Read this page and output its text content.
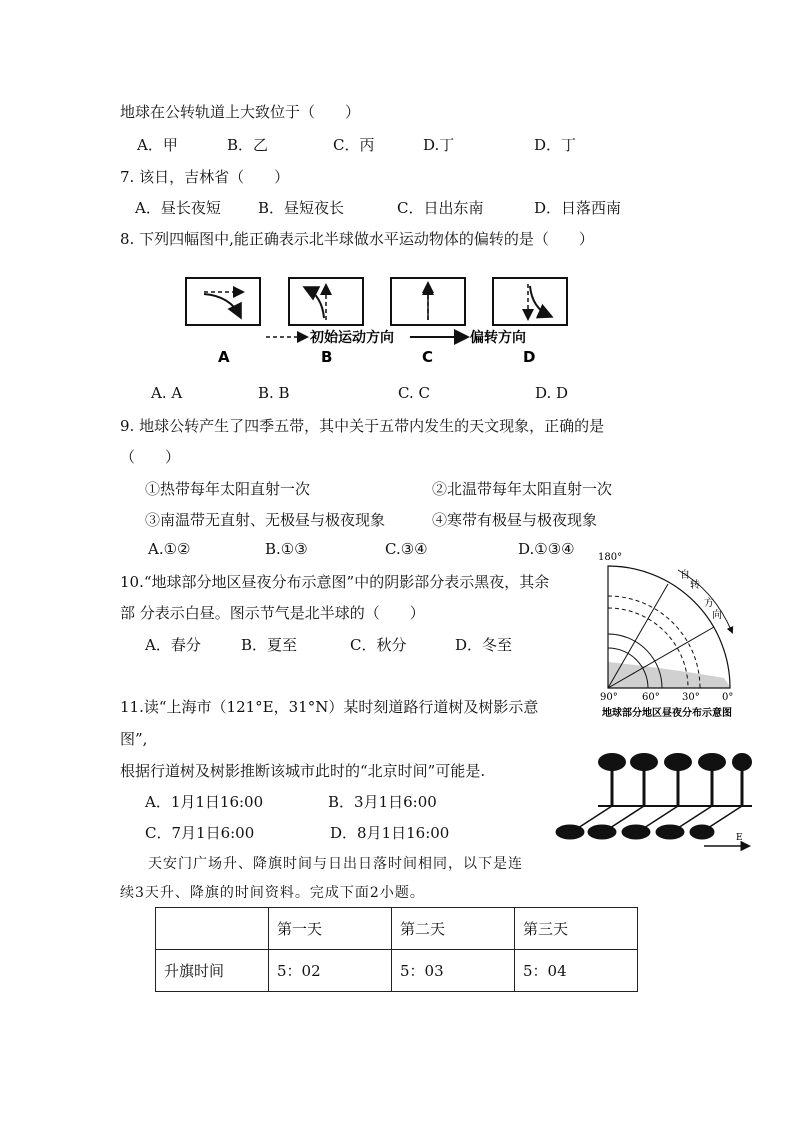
地球在公转轨道上大致位于（　　）
A．甲	B．乙	C．丙	D.丁	D．丁
7. 该日，吉林省（　　）
A．昼长夜短 B．昼短夜长	C．日出东南	D．日落西南
8. 下列四幅图中,能正确表示北半球做水平运动物体的偏转的是（　　）
初始运动方向	偏转方向
A	B	C	D
A. A	B. B	C. C	D. D
9. 地球公转产生了四季五带，其中关于五带内发生的天文现象，正确的是
（　　）
①热带每年太阳直射一次	②北温带每年太阳直射一次
③南温带无直射、无极昼与极夜现象	④寒带有极昼与极夜现象
A.①②	B.①③	C.③④	D.①③④
10.“地球部分地区昼夜分布示意图”中的阴影部分表示黑夜，其余
部 分表示白昼。图示节气是北半球的（　　）
A．春分	B．夏至	C．秋分	D．冬至
180°
自
转
方
向
90° 60° 30° 0°
地球部分地区昼夜分布示意图
11.读“上海市（121°E，31°N）某时刻道路行道树及树影示意
图”,
根据行道树及树影推断该城市此时的“北京时间”可能是.
A．1月1日16:00	B．3月1日6:00
C．7月1日6:00	D．8月1日16:00	E
天安门广场升、降旗时间与日出日落时间相同，以下是连
续3天升、降旗的时间资料。完成下面2小题。
	第一天	第二天	第三天
升旗时间	5：02	5：03	5：04
